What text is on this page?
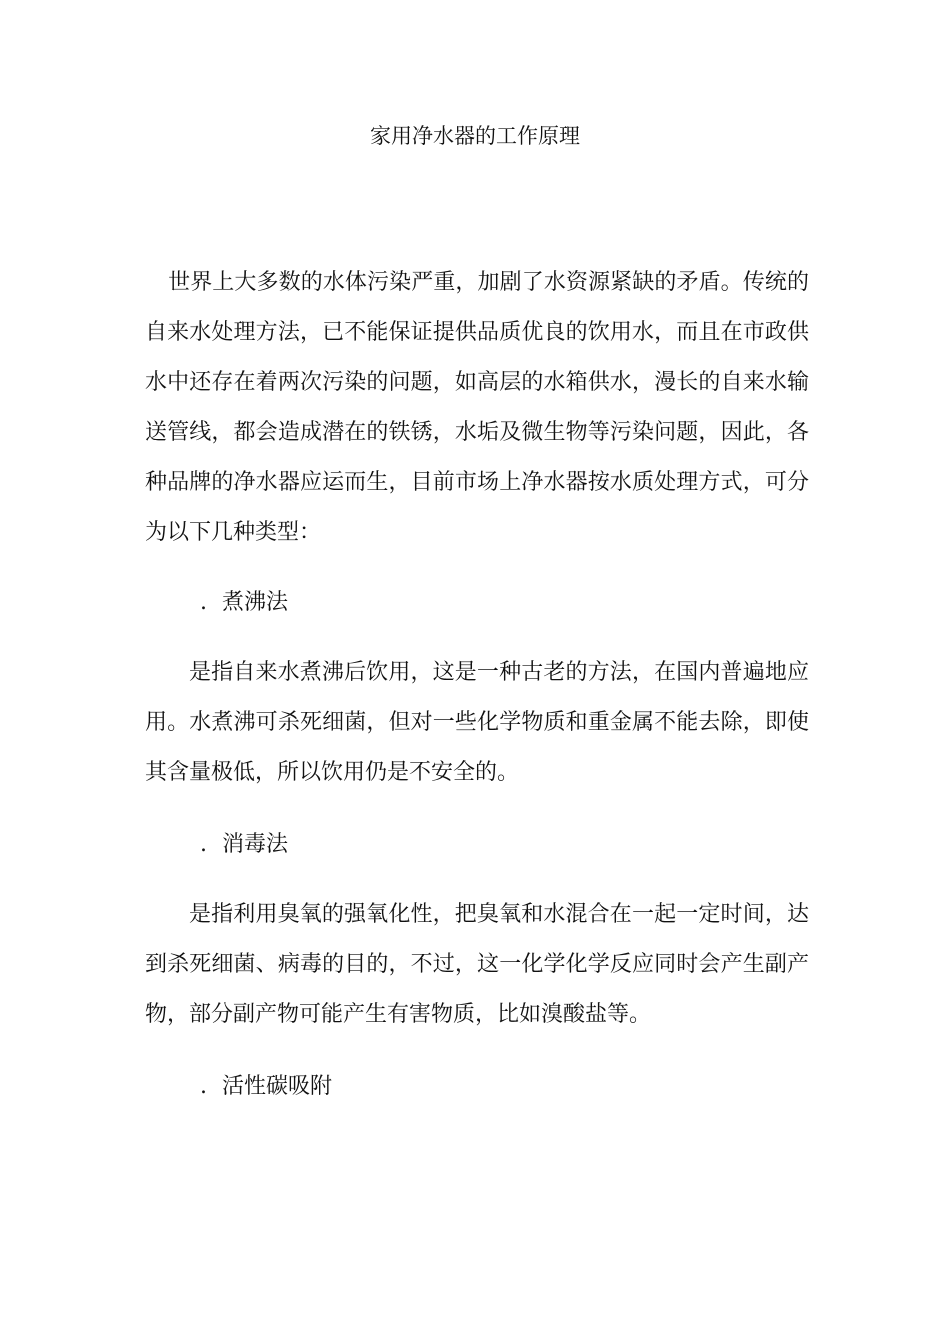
家用净水器的工作原理

世界上大多数的水体污染严重，加剧了水资源紧缺的矛盾。传统的自来水处理方法，已不能保证提供品质优良的饮用水，而且在市政供水中还存在着两次污染的问题，如高层的水箱供水，漫长的自来水输送管线，都会造成潜在的铁锈，水垢及微生物等污染问题，因此，各种品牌的净水器应运而生，目前市场上净水器按水质处理方式，可分为以下几种类型：

. 煮沸法

是指自来水煮沸后饮用，这是一种古老的方法，在国内普遍地应用。水煮沸可杀死细菌，但对一些化学物质和重金属不能去除，即使其含量极低，所以饮用仍是不安全的。

. 消毒法

是指利用臭氧的强氧化性，把臭氧和水混合在一起一定时间，达到杀死细菌、病毒的目的，不过，这一化学化学反应同时会产生副产物，部分副产物可能产生有害物质，比如溴酸盐等。

. 活性碳吸附
